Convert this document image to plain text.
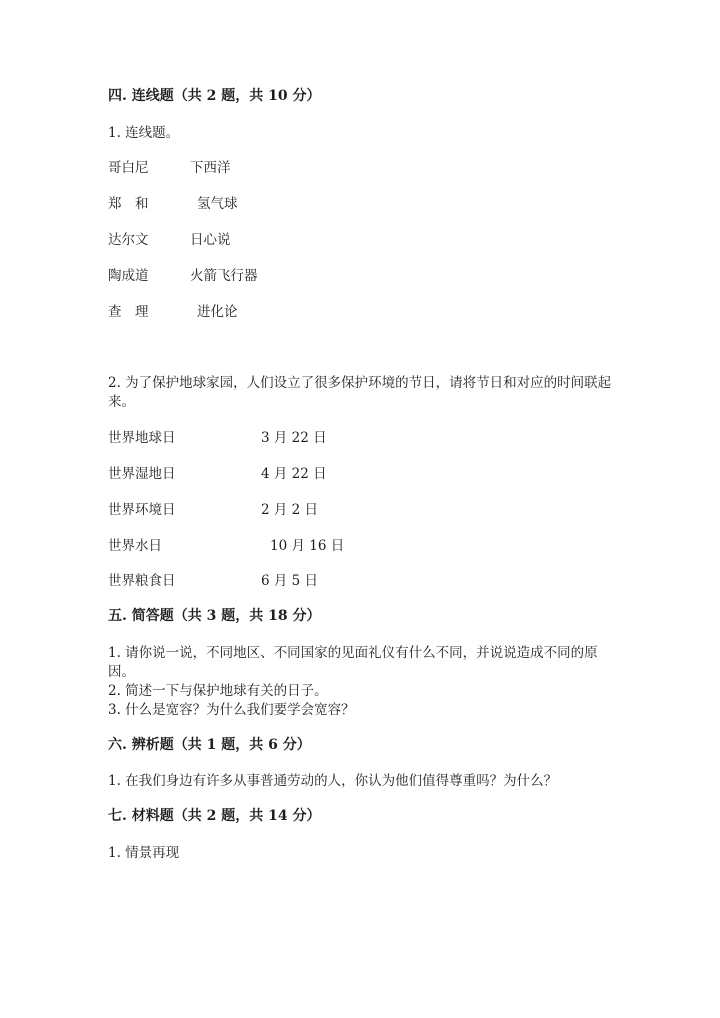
四. 连线题（共 2 题，共 10 分）
1. 连线题。
哥白尼	下西洋
郑　和	氢气球
达尔文	日心说
陶成道	火箭飞行器
查　理	进化论
2. 为了保护地球家园，人们设立了很多保护环境的节日，请将节日和对应的时间联起来。
世界地球日	3 月 22 日
世界湿地日	4 月 22 日
世界环境日	2 月 2 日
世界水日	10 月 16 日
世界粮食日	6 月 5 日
五. 简答题（共 3 题，共 18 分）
1. 请你说一说，不同地区、不同国家的见面礼仪有什么不同，并说说造成不同的原因。
2. 简述一下与保护地球有关的日子。
3. 什么是宽容？为什么我们要学会宽容？
六. 辨析题（共 1 题，共 6 分）
1. 在我们身边有许多从事普通劳动的人，你认为他们值得尊重吗？为什么？
七. 材料题（共 2 题，共 14 分）
1. 情景再现
